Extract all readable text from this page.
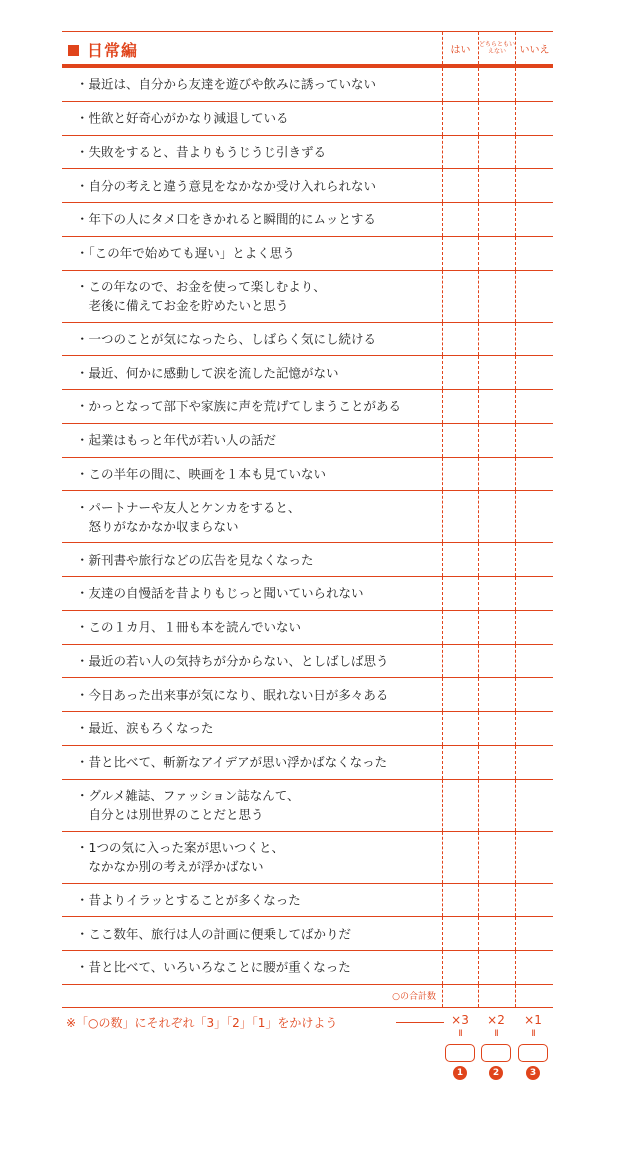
日常編	はい	どちらともいえない	いいえ
・最近は、自分から友達を遊びや飲みに誘っていない
・性欲と好奇心がかなり減退している
・失敗をすると、昔よりもうじうじ引きずる
・自分の考えと違う意見をなかなか受け入れられない
・年下の人にタメ口をきかれると瞬間的にムッとする
・「この年で始めても遅い」とよく思う
・この年なので、お金を使って楽しむより、
　老後に備えてお金を貯めたいと思う
・一つのことが気になったら、しばらく気にし続ける
・最近、何かに感動して涙を流した記憶がない
・かっとなって部下や家族に声を荒げてしまうことがある
・起業はもっと年代が若い人の話だ
・この半年の間に、映画を１本も見ていない
・パートナーや友人とケンカをすると、
　怒りがなかなか収まらない
・新刊書や旅行などの広告を見なくなった
・友達の自慢話を昔よりもじっと聞いていられない
・この１カ月、１冊も本を読んでいない
・最近の若い人の気持ちが分からない、としばしば思う
・今日あった出来事が気になり、眠れない日が多々ある
・最近、涙もろくなった
・昔と比べて、斬新なアイデアが思い浮かばなくなった
・グルメ雑誌、ファッション誌なんて、
　自分とは別世界のことだと思う
・1つの気に入った案が思いつくと、
　なかなか別の考えが浮かばない
・昔よりイラッとすることが多くなった
・ここ数年、旅行は人の計画に便乗してばかりだ
・昔と比べて、いろいろなことに腰が重くなった
○の合計数
※「○の数」にそれぞれ「3」「2」「1」をかけよう	×3	×2	×1
II	II	II
1	2	3
